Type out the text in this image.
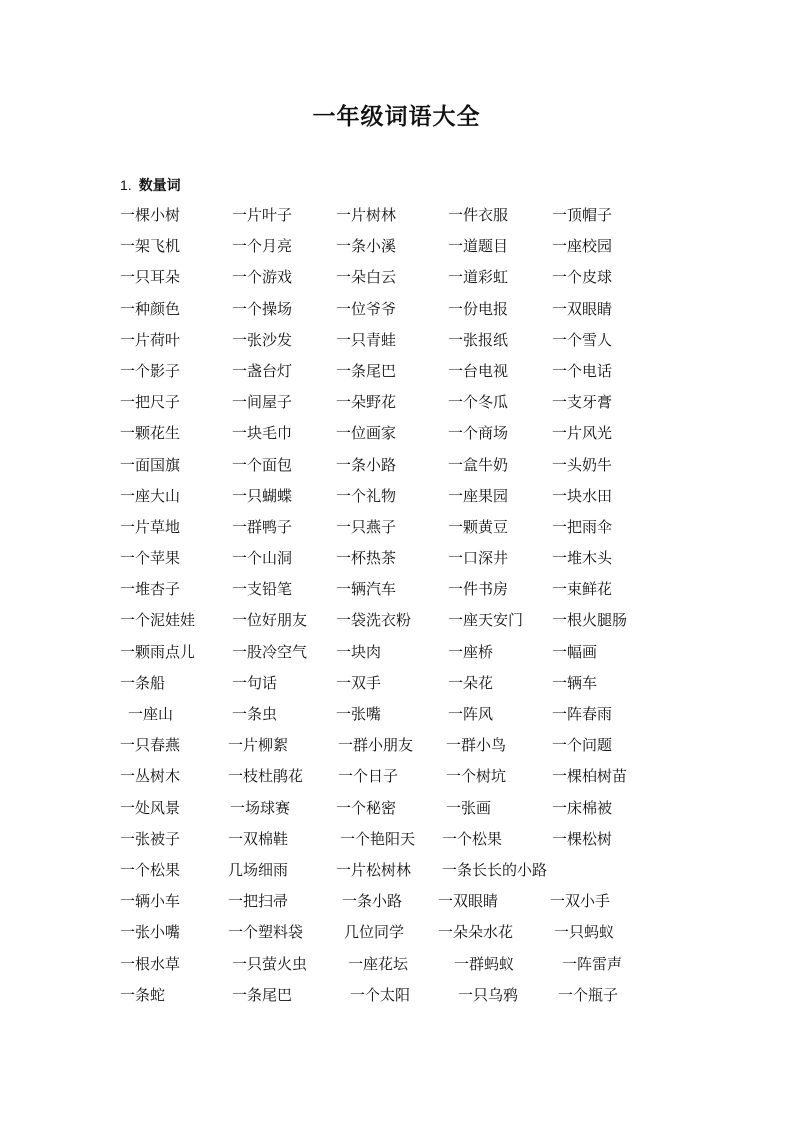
一年级词语大全
1. 数量词
一棵小树	一片叶子	一片树林	一件衣服	一顶帽子
一架飞机	一个月亮	一条小溪	一道题目	一座校园
一只耳朵	一个游戏	一朵白云	一道彩虹	一个皮球
一种颜色	一个操场	一位爷爷	一份电报	一双眼睛
一片荷叶	一张沙发	一只青蛙	一张报纸	一个雪人
一个影子	一盏台灯	一条尾巴	一台电视	一个电话
一把尺子	一间屋子	一朵野花	一个冬瓜	一支牙膏
一颗花生	一块毛巾	一位画家	一个商场	一片风光
一面国旗	一个面包	一条小路	一盒牛奶	一头奶牛
一座大山	一只蝴蝶	一个礼物	一座果园	一块水田
一片草地	一群鸭子	一只燕子	一颗黄豆	一把雨伞
一个苹果	一个山洞	一杯热茶	一口深井	一堆木头
一堆杏子	一支铅笔	一辆汽车	一件书房	一束鲜花
一个泥娃娃 一位好朋友 一袋洗衣粉 一座天安门 一根火腿肠
一颗雨点儿 一股冷空气 一块肉	一座桥	一幅画
一条船	一句话	一双手	一朵花	一辆车
一座山	一条虫	一张嘴	一阵风	一阵春雨
一只春燕	一片柳絮	一群小朋友 一群小鸟	一个问题
一丛树木	一枝杜鹃花 一个日子	一个树坑	一棵柏树苗
一处风景	一场球赛	一个秘密	一张画	一床棉被
一张被子	一双棉鞋	一个艳阳天 一个松果	一棵松树
一个松果	几场细雨	一片松树林 一条长长的小路
一辆小车	一把扫帚	一条小路 一双眼睛	一双小手
一张小嘴	一个塑料袋	几位同学 一朵朵水花	一只蚂蚁
一根水草	一只萤火虫	一座花坛	一群蚂蚁	一阵雷声
一条蛇	一条尾巴	一个太阳	一只乌鸦	一个瓶子
